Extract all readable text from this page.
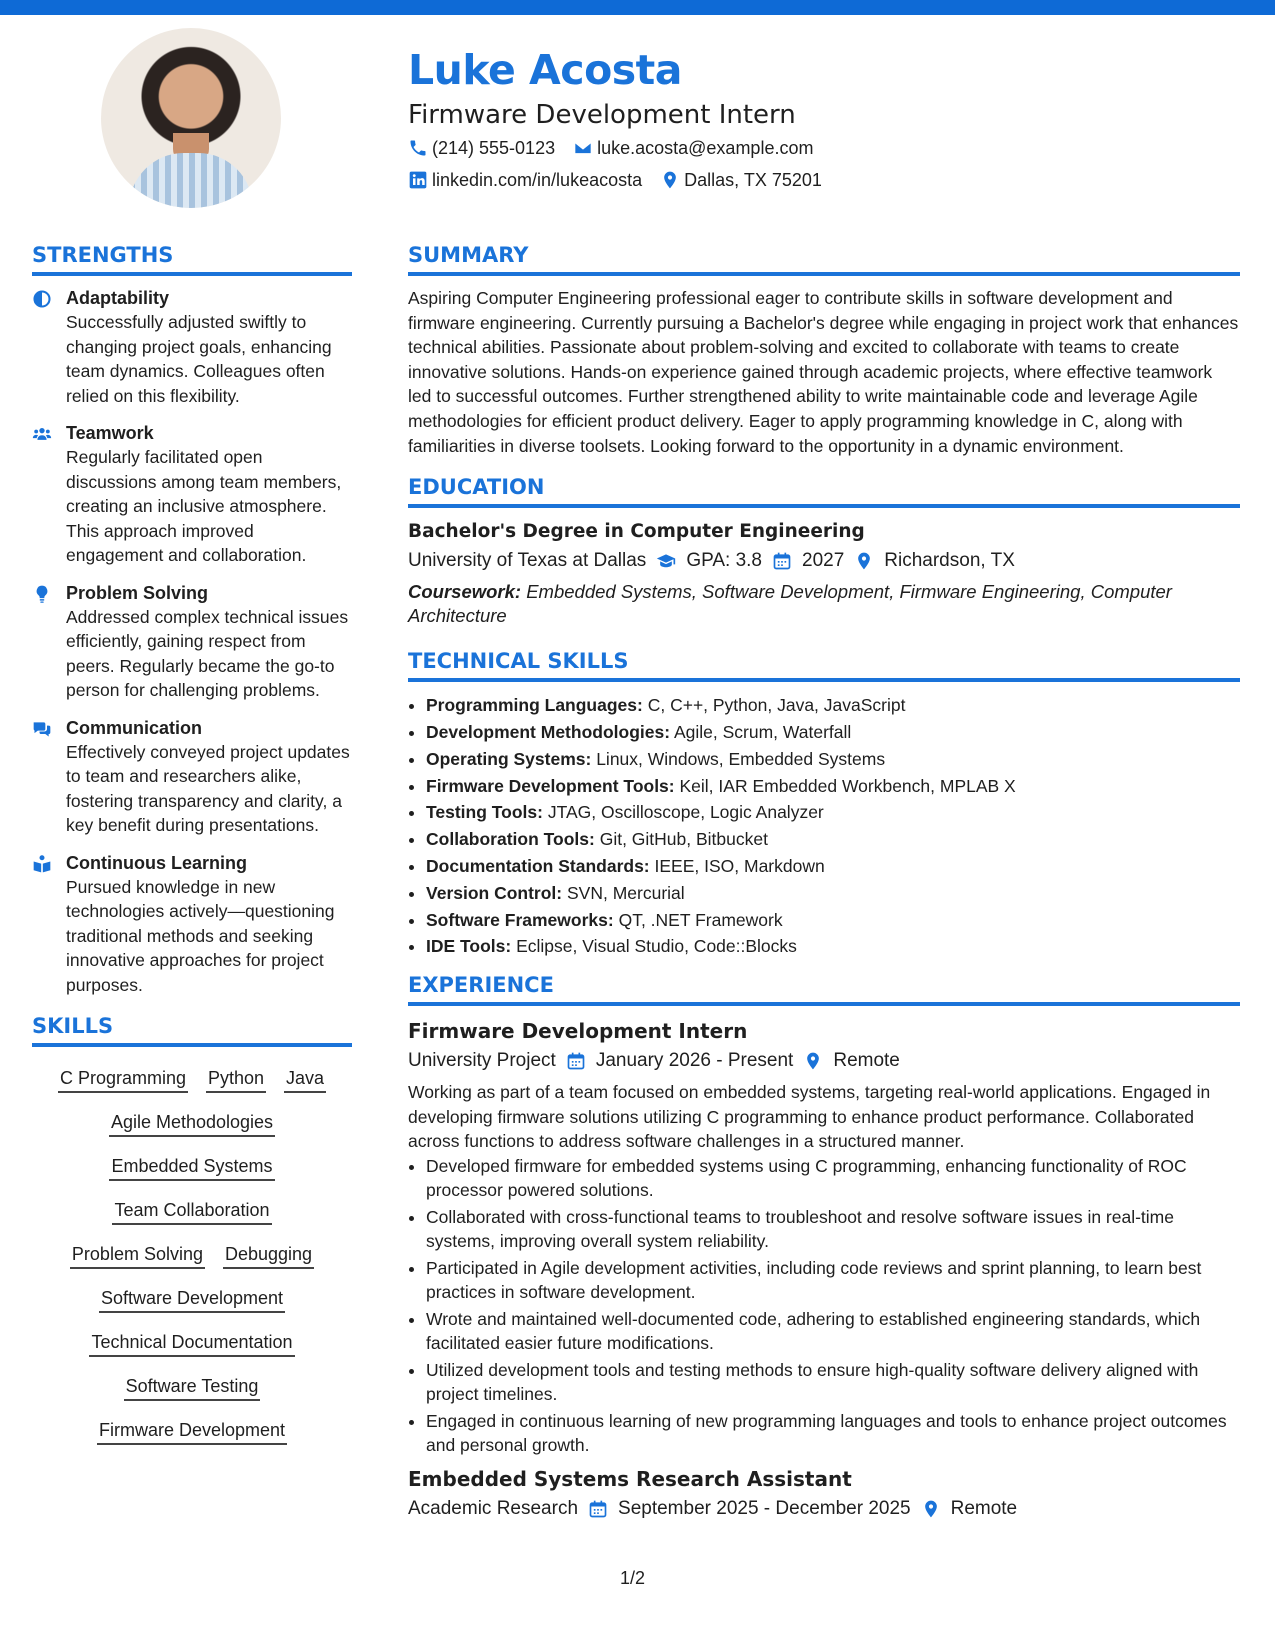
Luke Acosta
Firmware Development Intern
(214) 555-0123 luke.acosta@example.com
linkedin.com/in/lukeacosta Dallas, TX 75201
STRENGTHS
Adaptability
Successfully adjusted swiftly to changing project goals, enhancing team dynamics. Colleagues often relied on this flexibility.
Teamwork
Regularly facilitated open discussions among team members, creating an inclusive atmosphere. This approach improved engagement and collaboration.
Problem Solving
Addressed complex technical issues efficiently, gaining respect from peers. Regularly became the go-to person for challenging problems.
Communication
Effectively conveyed project updates to team and researchers alike, fostering transparency and clarity, a key benefit during presentations.
Continuous Learning
Pursued knowledge in new technologies actively—questioning traditional methods and seeking innovative approaches for project purposes.
SKILLS
C Programming Python Java
Agile Methodologies
Embedded Systems
Team Collaboration
Problem Solving Debugging
Software Development
Technical Documentation
Software Testing
Firmware Development
SUMMARY
Aspiring Computer Engineering professional eager to contribute skills in software development and firmware engineering. Currently pursuing a Bachelor's degree while engaging in project work that enhances technical abilities. Passionate about problem-solving and excited to collaborate with teams to create innovative solutions. Hands-on experience gained through academic projects, where effective teamwork led to successful outcomes. Further strengthened ability to write maintainable code and leverage Agile methodologies for efficient product delivery. Eager to apply programming knowledge in C, along with familiarities in diverse toolsets. Looking forward to the opportunity in a dynamic environment.
EDUCATION
Bachelor's Degree in Computer Engineering
University of Texas at Dallas GPA: 3.8 2027 Richardson, TX
Coursework: Embedded Systems, Software Development, Firmware Engineering, Computer Architecture
TECHNICAL SKILLS
• Programming Languages: C, C++, Python, Java, JavaScript
• Development Methodologies: Agile, Scrum, Waterfall
• Operating Systems: Linux, Windows, Embedded Systems
• Firmware Development Tools: Keil, IAR Embedded Workbench, MPLAB X
• Testing Tools: JTAG, Oscilloscope, Logic Analyzer
• Collaboration Tools: Git, GitHub, Bitbucket
• Documentation Standards: IEEE, ISO, Markdown
• Version Control: SVN, Mercurial
• Software Frameworks: QT, .NET Framework
• IDE Tools: Eclipse, Visual Studio, Code::Blocks
EXPERIENCE
Firmware Development Intern
University Project January 2026 - Present Remote
Working as part of a team focused on embedded systems, targeting real-world applications. Engaged in developing firmware solutions utilizing C programming to enhance product performance. Collaborated across functions to address software challenges in a structured manner.
• Developed firmware for embedded systems using C programming, enhancing functionality of ROC processor powered solutions.
• Collaborated with cross-functional teams to troubleshoot and resolve software issues in real-time systems, improving overall system reliability.
• Participated in Agile development activities, including code reviews and sprint planning, to learn best practices in software development.
• Wrote and maintained well-documented code, adhering to established engineering standards, which facilitated easier future modifications.
• Utilized development tools and testing methods to ensure high-quality software delivery aligned with project timelines.
• Engaged in continuous learning of new programming languages and tools to enhance project outcomes and personal growth.
Embedded Systems Research Assistant
Academic Research September 2025 - December 2025 Remote
1/2
